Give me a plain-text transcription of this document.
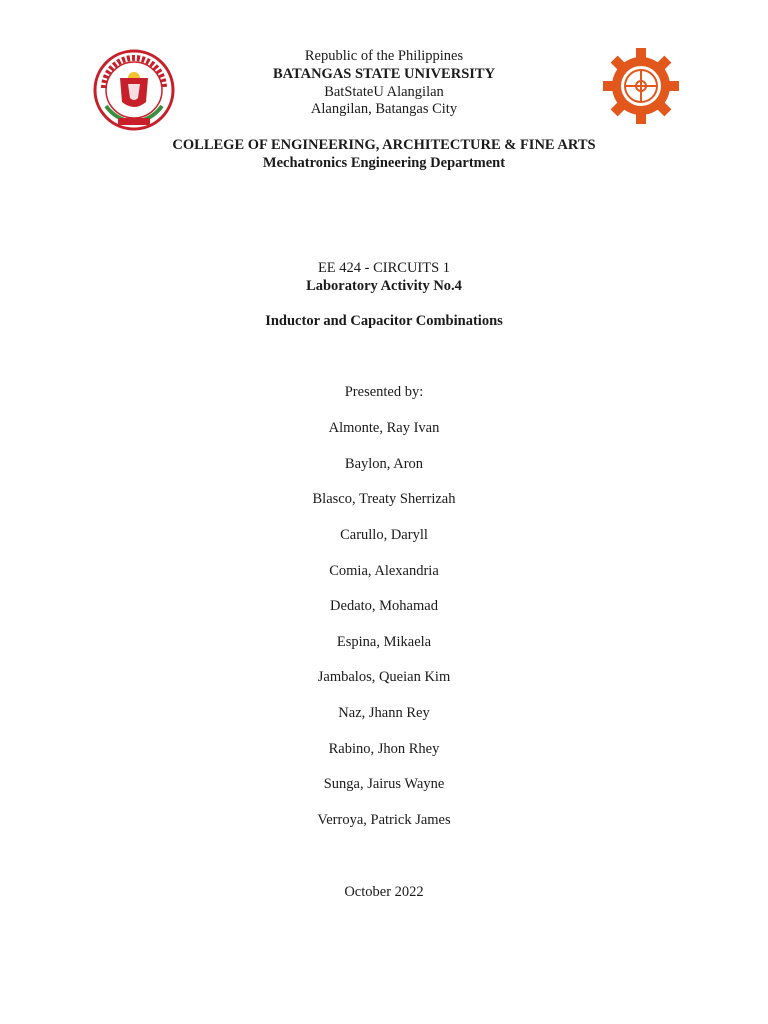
Republic of the Philippines
BATANGAS STATE UNIVERSITY
BatStateU Alangilan
Alangilan, Batangas City
COLLEGE OF ENGINEERING, ARCHITECTURE & FINE ARTS
Mechatronics Engineering Department
EE 424 - CIRCUITS 1
Laboratory Activity No.4
Inductor and Capacitor Combinations
Presented by:
Almonte, Ray Ivan
Baylon, Aron
Blasco, Treaty Sherrizah
Carullo, Daryll
Comia, Alexandria
Dedato, Mohamad
Espina, Mikaela
Jambalos, Queian Kim
Naz, Jhann Rey
Rabino, Jhon Rhey
Sunga, Jairus Wayne
Verroya, Patrick James
October 2022
